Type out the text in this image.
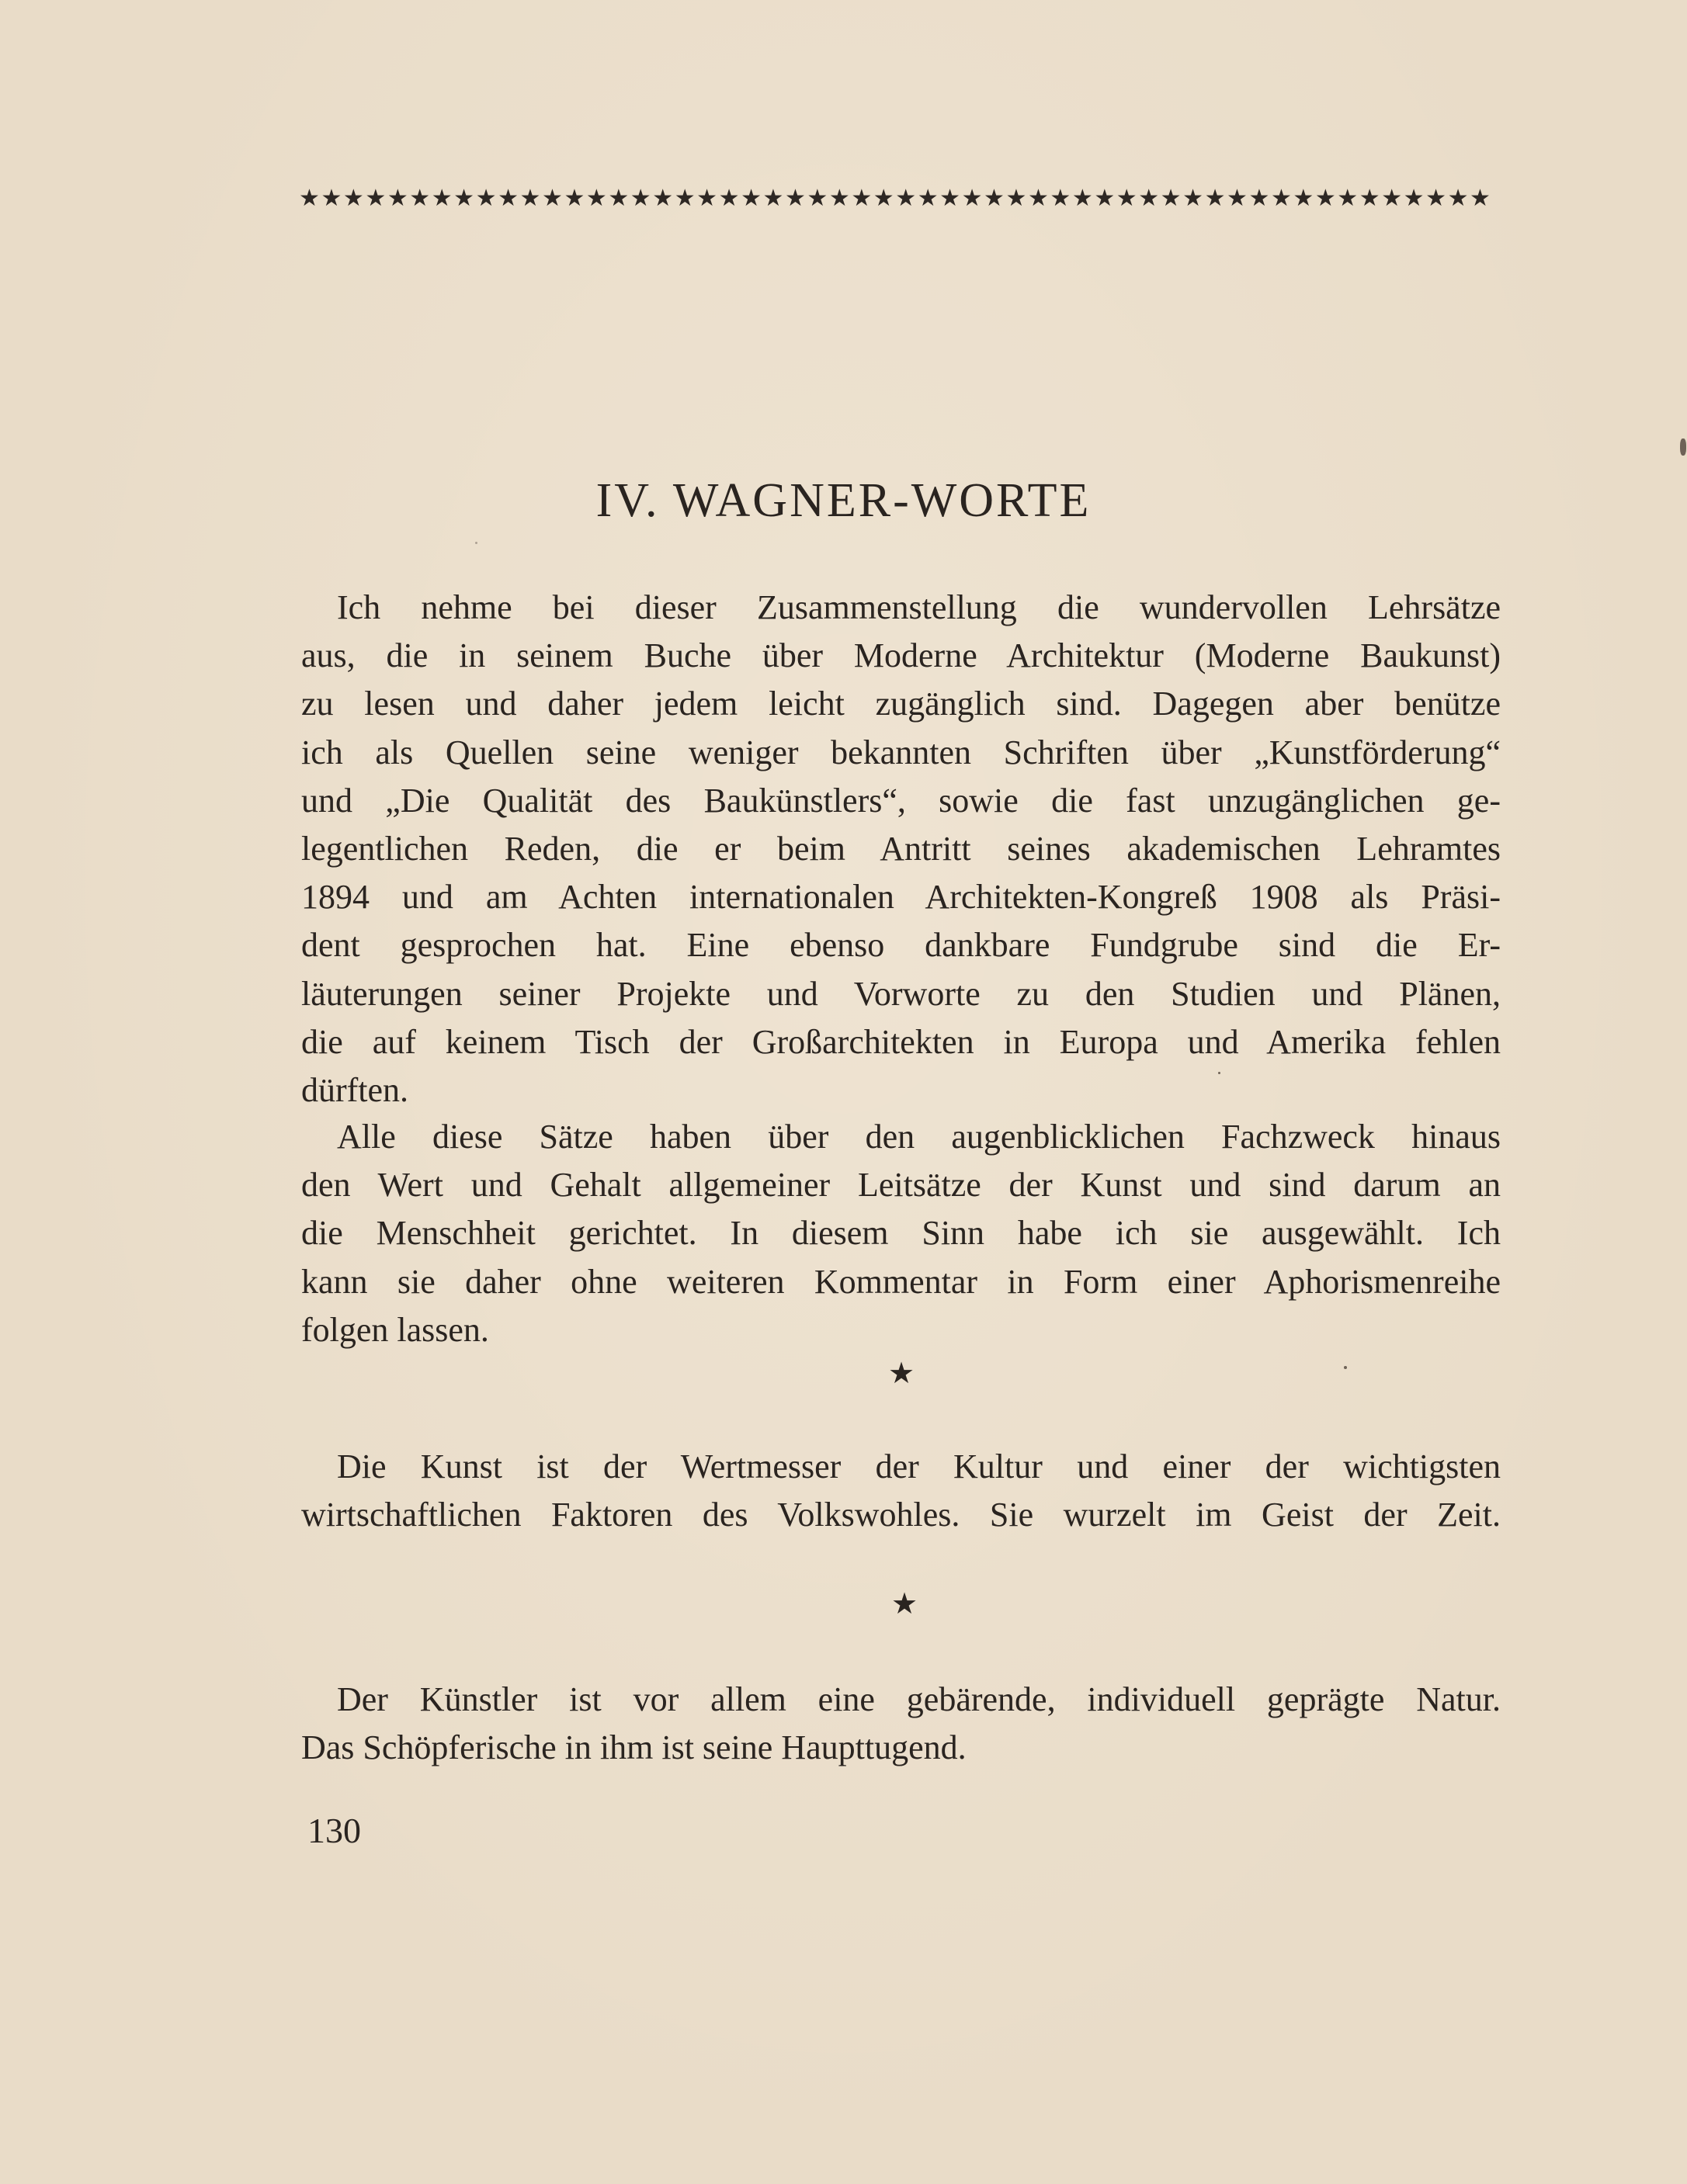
★ ★ ★ ★ ★ ★ ★ ★ ★ ★ ★ ★ ★ ★ ★ ★ ★ ★ ★ ★ ★ ★ ★ ★ ★ ★ ★ ★ ★ ★ ★ ★ ★ ★ ★ ★ ★ ★ ★ ★ ★ ★ ★ ★ ★ ★ ★ ★ ★ ★ ★ ★ ★ ★
IV. WAGNER-WORTE
Ich nehme bei dieser Zusammenstellung die wundervollen Lehrsätze
aus, die in seinem Buche über Moderne Architektur (Moderne Baukunst)
zu lesen und daher jedem leicht zugänglich sind. Dagegen aber benütze
ich als Quellen seine weniger bekannten Schriften über „Kunstförderung“
und „Die Qualität des Baukünstlers“, sowie die fast unzugänglichen ge-
legentlichen Reden, die er beim Antritt seines akademischen Lehramtes
1894 und am Achten internationalen Architekten-Kongreß 1908 als Präsi-
dent gesprochen hat. Eine ebenso dankbare Fundgrube sind die Er-
läuterungen seiner Projekte und Vorworte zu den Studien und Plänen,
die auf keinem Tisch der Großarchitekten in Europa und Amerika fehlen
dürften.
Alle diese Sätze haben über den augenblicklichen Fachzweck hinaus
den Wert und Gehalt allgemeiner Leitsätze der Kunst und sind darum an
die Menschheit gerichtet. In diesem Sinn habe ich sie ausgewählt. Ich
kann sie daher ohne weiteren Kommentar in Form einer Aphorismenreihe
folgen lassen.
★
Die Kunst ist der Wertmesser der Kultur und einer der wichtigsten
wirtschaftlichen Faktoren des Volkswohles. Sie wurzelt im Geist der Zeit.
★
Der Künstler ist vor allem eine gebärende, individuell geprägte Natur.
Das Schöpferische in ihm ist seine Haupttugend.
130
